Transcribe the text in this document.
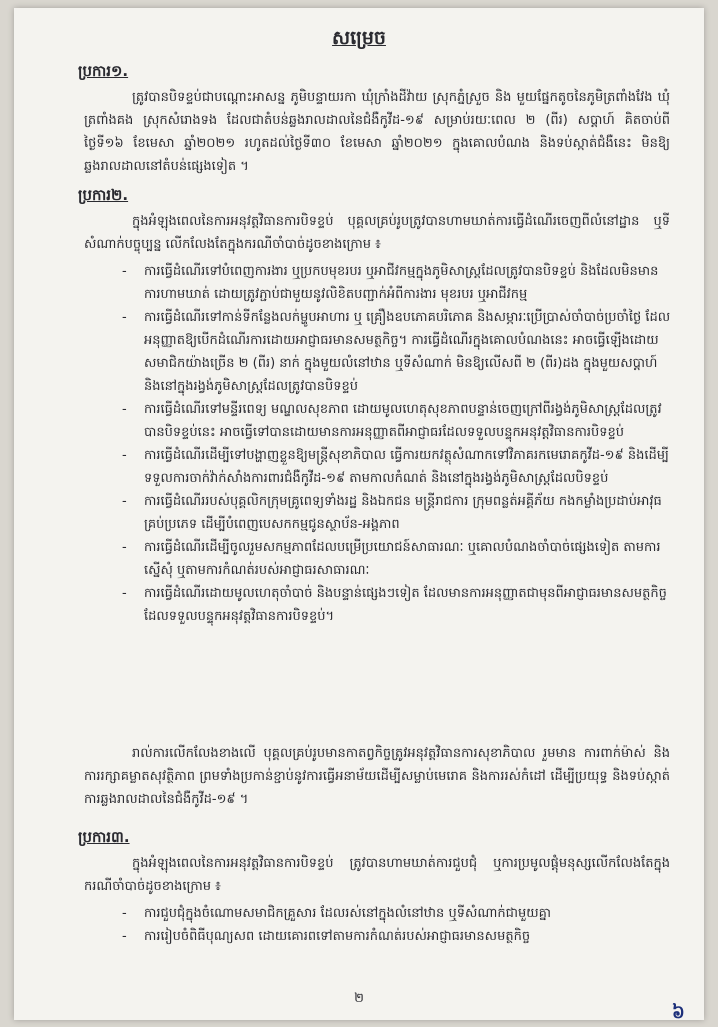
សម្រេច
ប្រការ១.
ត្រូវបានបិទខ្ទប់ជាបណ្ដោះអាសន្ន ភូមិបន្ទាយរកា ឃុំក្រាំងដីវ៉ាយ ស្រុកភ្នំស្រួច និង មួយផ្នែកតូចនៃភូមិត្រពាំងវែង ឃុំត្រពាំងគង ស្រុកសំរោងទង ដែលជាតំបន់ឆ្លងរាលដាលនៃជំងឺកូវីដ-១៩ សម្រាប់រយៈពេល ២ (ពីរ) សប្ដាហ៍ គិតចាប់ពី ថ្ងៃទី១៦ ខែមេសា ឆ្នាំ២០២១ រហូតដល់ថ្ងៃទី៣០ ខែមេសា ឆ្នាំ២០២១ ក្នុងគោលបំណង និងទប់ស្កាត់ជំងឺនេះ មិនឱ្យឆ្លងរាលដាលនៅតំបន់ផ្សេងទៀត ។
ប្រការ២.
ក្នុងអំឡុងពេលនៃការអនុវត្តវិធានការបិទខ្ទប់ បុគ្គលគ្រប់រូបត្រូវបានហាមឃាត់ការធ្វើដំណើរចេញពីលំនៅដ្ឋាន ឬទីសំណាក់បច្ចុប្បន្ន លើកលែងតែក្នុងករណីចាំបាច់ដូចខាងក្រោម ៖
- ការធ្វើដំណើរទៅបំពេញការងារ ឬប្រកបមុខរបរ ឬអាជីវកម្មក្នុងភូមិសាស្ត្រដែលត្រូវបានបិទខ្ទប់ និងដែលមិនមានការហាមឃាត់ ដោយត្រូវភ្ជាប់ជាមួយនូវលិខិតបញ្ជាក់អំពីការងារ មុខរបរ ឬអាជីវកម្ម
- ការធ្វើដំណើរទៅកាន់ទីកន្លែងលក់ម្ហូបអាហារ ឬ គ្រឿងឧបភោគបរិភោគ និងសម្ភារៈប្រើប្រាស់ចាំបាច់ប្រចាំថ្ងៃ ដែលអនុញ្ញាតឱ្យបើកដំណើរការដោយអាជ្ញាធរមានសមត្ថកិច្ច។ ការធ្វើដំណើរក្នុងគោលបំណងនេះ អាចធ្វើឡើងដោយសមាជិកយ៉ាងច្រើន ២ (ពីរ) នាក់ ក្នុងមួយលំនៅឋាន ឬទីសំណាក់ មិនឱ្យលើសពី ២ (ពីរ)ដង ក្នុងមួយសប្ដាហ៍ និងនៅក្នុងរង្វង់ភូមិសាស្ត្រដែលត្រូវបានបិទខ្ទប់
- ការធ្វើដំណើរទៅមន្ទីរពេទ្យ មណ្ឌលសុខភាព ដោយមូលហេតុសុខភាពបន្ទាន់ចេញក្រៅពីរង្វង់ភូមិសាស្ត្រដែលត្រូវបានបិទខ្ទប់នេះ អាចធ្វើទៅបានដោយមានការអនុញ្ញាតពីអាជ្ញាធរដែលទទួលបន្ទុកអនុវត្តវិធានការបិទខ្ទប់
- ការធ្វើដំណើរដើម្បីទៅបង្ហាញខ្លួនឱ្យមន្ត្រីសុខាភិបាល ធ្វើការយកវត្ថុសំណាកទៅវិភាគរកមេរោគកូវីដ-១៩ និងដើម្បីទទួលការចាក់វ៉ាក់សាំងការពារជំងឺកូវីដ-១៩ តាមកាលកំណត់ និងនៅក្នុងរង្វង់ភូមិសាស្ត្រដែលបិទខ្ទប់
- ការធ្វើដំណើររបស់បុគ្គលិកក្រុមគ្រូពេទ្យទាំងរដ្ឋ និងឯកជន មន្ត្រីរាជការ ក្រុមពន្លត់អគ្គីភ័យ កងកម្លាំងប្រដាប់អាវុធគ្រប់ប្រភេទ ដើម្បីបំពេញបេសកកម្មជូនស្ថាប័ន-អង្គភាព
- ការធ្វើដំណើរដើម្បីចូលរួមសកម្មភាពដែលបម្រើប្រយោជន៍សាធារណៈ ឬគោលបំណងចាំបាច់ផ្សេងទៀត តាមការស្នើសុំ ឬតាមការកំណត់របស់អាជ្ញាធរសាធារណៈ
- ការធ្វើដំណើរដោយមូលហេតុចាំបាច់ និងបន្ទាន់ផ្សេងៗទៀត ដែលមានការអនុញ្ញាតជាមុនពីអាជ្ញាធរមានសមត្ថកិច្ចដែលទទួលបន្ទុកអនុវត្តវិធានការបិទខ្ទប់។
រាល់ការលើកលែងខាងលើ បុគ្គលគ្រប់រូបមានកាតព្វកិច្ចត្រូវអនុវត្តវិធានការសុខាភិបាល រួមមាន ការពាក់ម៉ាស់ និងការរក្សាគម្លាតសុវត្ថិភាព ព្រមទាំងប្រកាន់ខ្ជាប់នូវការធ្វើអនាម័យដើម្បីសម្លាប់មេរោគ និងការរស់កំដៅ ដើម្បីប្រយុទ្ធ និងទប់ស្កាត់ការឆ្លងរាលដាលនៃជំងឺកូវីដ-១៩ ។
ប្រការ៣.
ក្នុងអំឡុងពេលនៃការអនុវត្តវិធានការបិទខ្ទប់ ត្រូវបានហាមឃាត់ការជួបជុំ ឬការប្រមូលផ្ដុំមនុស្សលើកលែងតែក្នុងករណីចាំបាច់ដូចខាងក្រោម ៖
- ការជួបជុំក្នុងចំណោមសមាជិកគ្រួសារ ដែលរស់នៅក្នុងលំនៅឋាន ឬទីសំណាក់ជាមួយគ្នា
- ការរៀបចំពិធីបុណ្យសព ដោយគោរពទៅតាមការកំណត់របស់អាជ្ញាធរមានសមត្ថកិច្ច
២
៦
